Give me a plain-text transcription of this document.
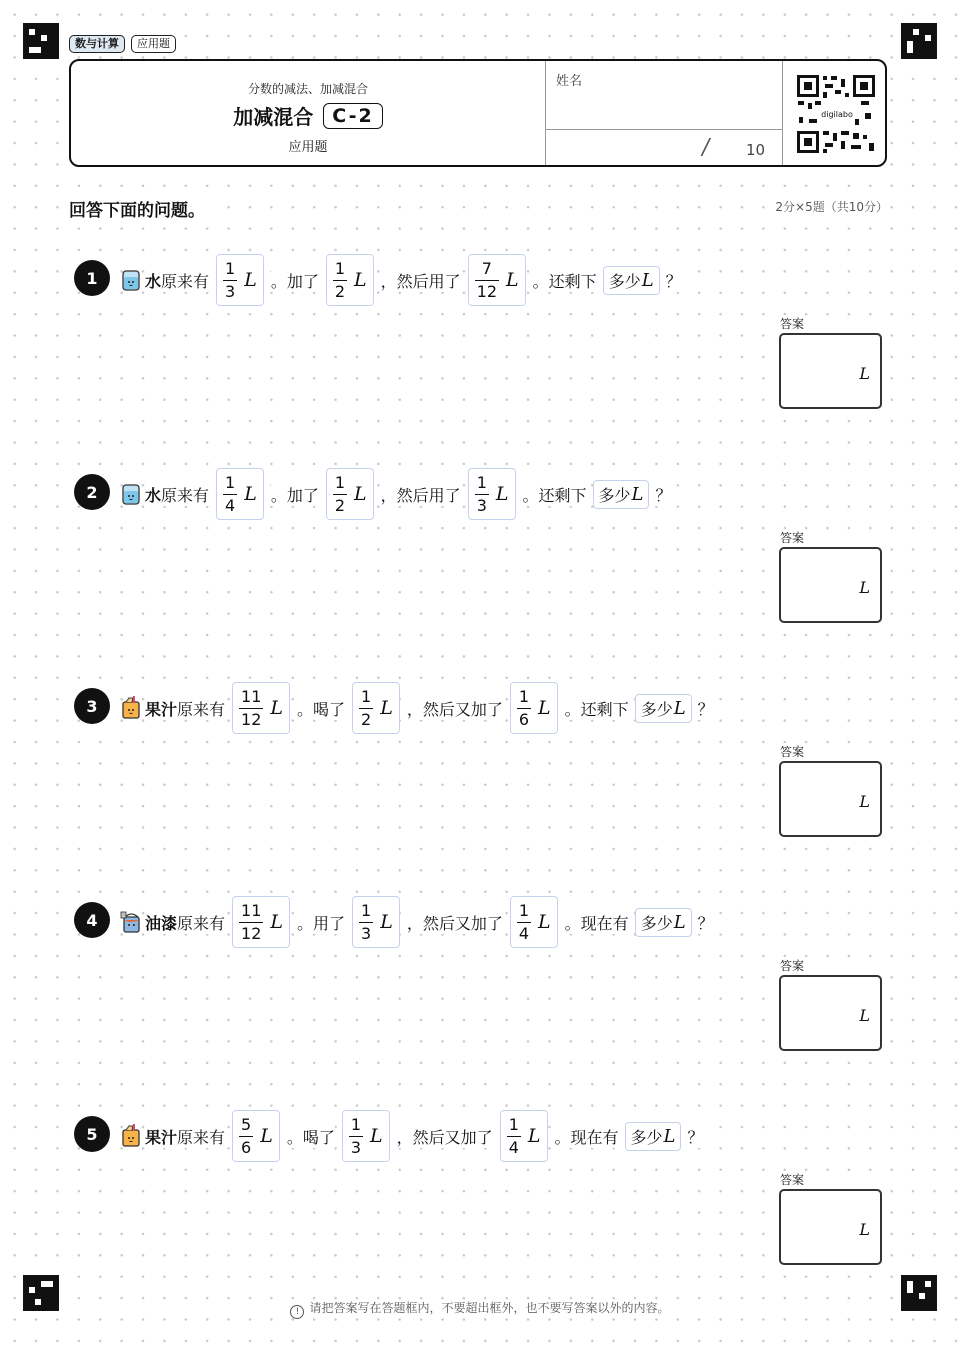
数与计算	应用题
分数的减法、加减混合
加减混合	C-2
应用题
姓名
/ 10
digilabo
回答下面的问题。	2分×5题（共10分）
1	水 原来有
1
3 L 。加了
1
2 L ，然后用了
7
12 L 。还剩下 多少 L ？
答案
L
2	水 原来有
1
4 L 。加了
1
2 L ，然后用了
1
3 L 。还剩下 多少 L ？
答案
L
3	果汁 原来有
11
12 L 。喝了
1
2 L ，然后又加了
1
6 L 。还剩下 多少 L ？
答案
L
4	油漆 原来有
11
12 L 。用了
1
3 L ，然后又加了
1
4 L 。现在有 多少 L ？
答案
L
5	果汁 原来有
5
6 L 。喝了
1
3 L ，然后又加了
1
4 L 。现在有 多少 L ？
答案
L
! 请把答案写在答题框内，不要超出框外，也不要写答案以外的内容。
